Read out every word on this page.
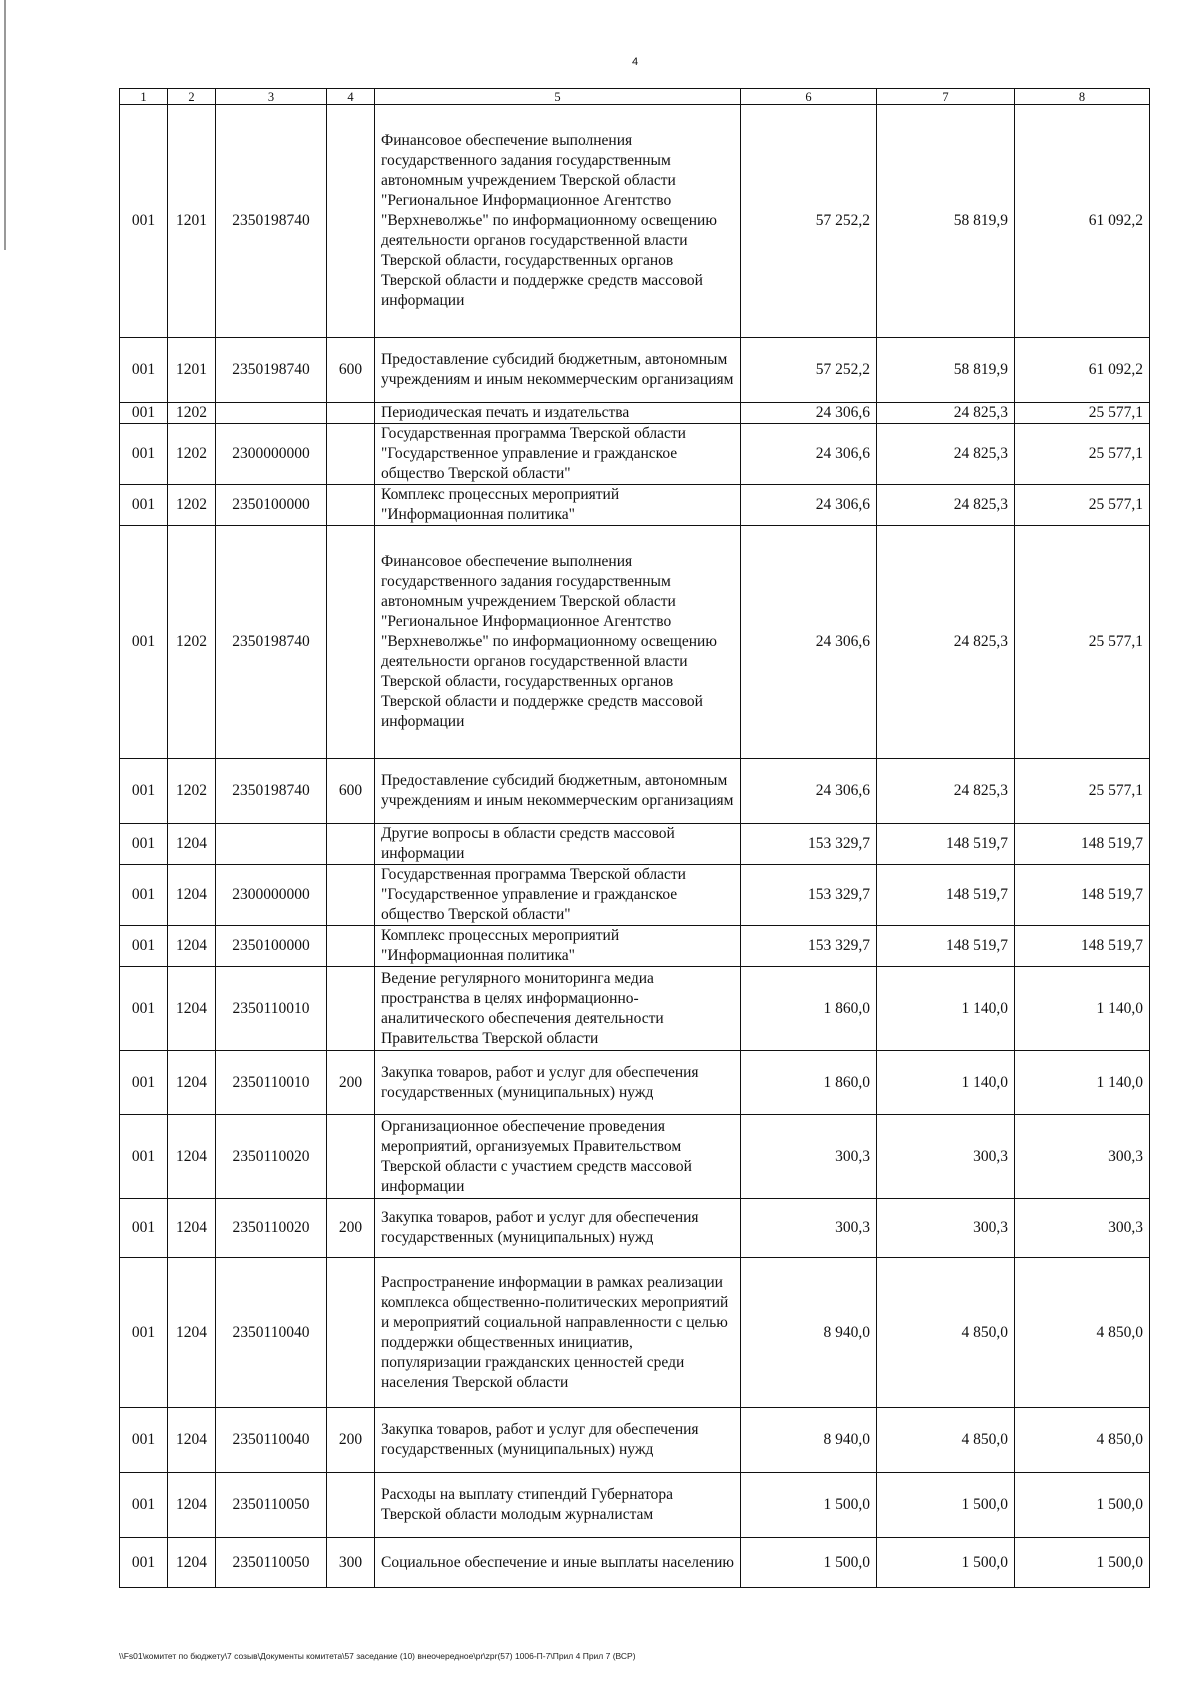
4
1	2	3	4	5	6	7	8
001	1201	2350198740		Финансовое обеспечение выполнения государственного задания государственным автономным учреждением Тверской области "Региональное Информационное Агентство "Верхневолжье" по информационному освещению деятельности органов государственной власти Тверской области, государственных органов Тверской области и поддержке средств массовой информации	57 252,2	58 819,9	61 092,2
001	1201	2350198740	600	Предоставление субсидий бюджетным, автономным учреждениям и иным некоммерческим организациям	57 252,2	58 819,9	61 092,2
001	1202			Периодическая печать и издательства	24 306,6	24 825,3	25 577,1
001	1202	2300000000		Государственная программа Тверской области "Государственное управление и гражданское общество Тверской области"	24 306,6	24 825,3	25 577,1
001	1202	2350100000		Комплекс процессных мероприятий "Информационная политика"	24 306,6	24 825,3	25 577,1
001	1202	2350198740		Финансовое обеспечение выполнения государственного задания государственным автономным учреждением Тверской области "Региональное Информационное Агентство "Верхневолжье" по информационному освещению деятельности органов государственной власти Тверской области, государственных органов Тверской области и поддержке средств массовой информации	24 306,6	24 825,3	25 577,1
001	1202	2350198740	600	Предоставление субсидий бюджетным, автономным учреждениям и иным некоммерческим организациям	24 306,6	24 825,3	25 577,1
001	1204			Другие вопросы в области средств массовой информации	153 329,7	148 519,7	148 519,7
001	1204	2300000000		Государственная программа Тверской области "Государственное управление и гражданское общество Тверской области"	153 329,7	148 519,7	148 519,7
001	1204	2350100000		Комплекс процессных мероприятий "Информационная политика"	153 329,7	148 519,7	148 519,7
001	1204	2350110010		Ведение регулярного мониторинга медиа пространства в целях информационно-аналитического обеспечения деятельности Правительства Тверской области	1 860,0	1 140,0	1 140,0
001	1204	2350110010	200	Закупка товаров, работ и услуг для обеспечения государственных (муниципальных) нужд	1 860,0	1 140,0	1 140,0
001	1204	2350110020		Организационное обеспечение проведения мероприятий, организуемых Правительством Тверской области с участием средств массовой информации	300,3	300,3	300,3
001	1204	2350110020	200	Закупка товаров, работ и услуг для обеспечения государственных (муниципальных) нужд	300,3	300,3	300,3
001	1204	2350110040		Распространение информации в рамках реализации комплекса общественно-политических мероприятий и мероприятий социальной направленности с целью поддержки общественных инициатив, популяризации гражданских ценностей среди населения Тверской области	8 940,0	4 850,0	4 850,0
001	1204	2350110040	200	Закупка товаров, работ и услуг для обеспечения государственных (муниципальных) нужд	8 940,0	4 850,0	4 850,0
001	1204	2350110050		Расходы на выплату стипендий Губернатора Тверской области молодым журналистам	1 500,0	1 500,0	1 500,0
001	1204	2350110050	300	Социальное обеспечение и иные выплаты населению	1 500,0	1 500,0	1 500,0
\\Fs01\комитет по бюджету\7 созыв\Документы комитета\57 заседание (10) внеочередное\pr\zpr(57) 1006-П-7\Прил 4 Прил 7 (ВСР)
